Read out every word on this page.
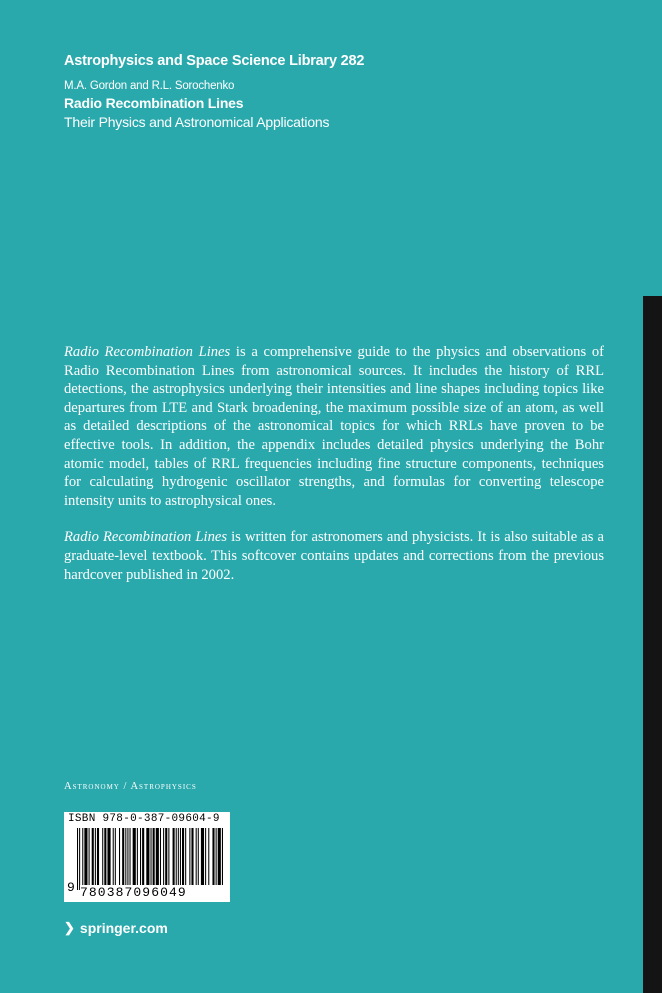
Astrophysics and Space Science Library 282
M.A. Gordon and R.L. Sorochenko
Radio Recombination Lines
Their Physics and Astronomical Applications

Radio Recombination Lines is a comprehensive guide to the physics and observations of Radio Recombination Lines from astronomical sources. It includes the history of RRL detections, the astrophysics underlying their intensities and line shapes including topics like departures from LTE and Stark broadening, the maximum possible size of an atom, as well as detailed descriptions of the astronomical topics for which RRLs have proven to be effective tools. In addition, the appendix includes detailed physics underlying the Bohr atomic model, tables of RRL frequencies including fine structure components, techniques for calculating hydrogenic oscillator strengths, and formulas for converting telescope intensity units to astrophysical ones.

Radio Recombination Lines is written for astronomers and physicists. It is also suitable as a graduate-level textbook. This softcover contains updates and corrections from the previous hardcover published in 2002.

Astronomy / Astrophysics
ISBN 978-0-387-09604-9
9 780387096049
❯ springer.com
